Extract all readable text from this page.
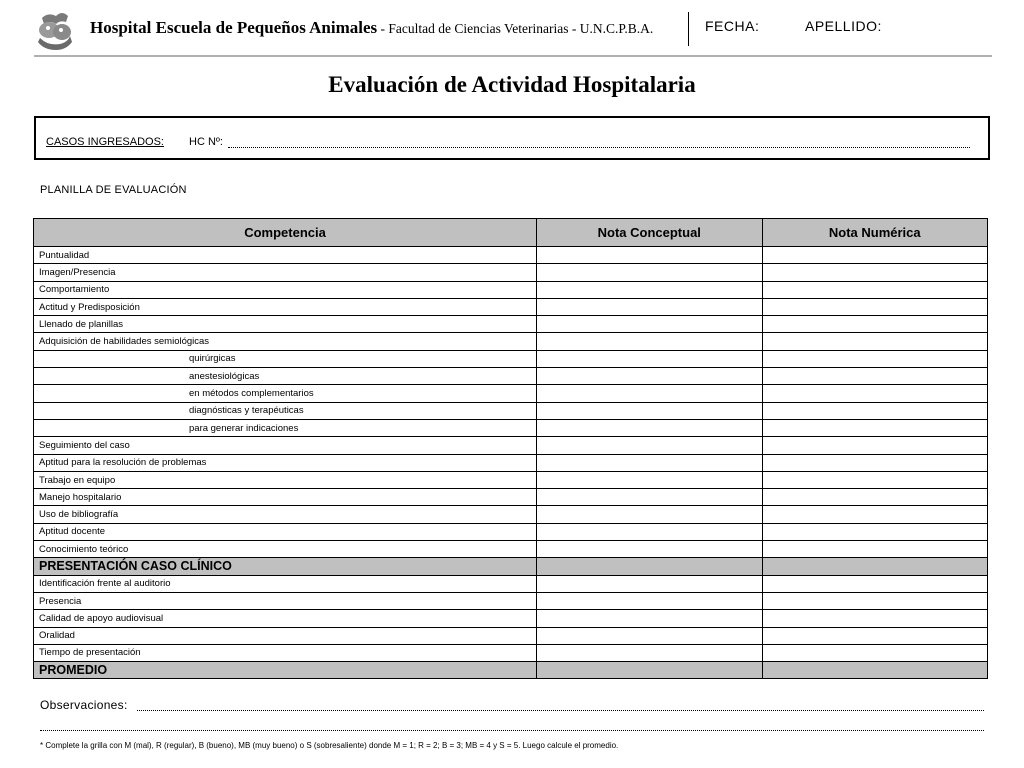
Hospital Escuela de Pequeños Animales - Facultad de Ciencias Veterinarias - U.N.C.P.B.A.	FECHA:	APELLIDO:
Evaluación de Actividad Hospitalaria
CASOS INGRESADOS: HC Nº:
PLANILLA DE EVALUACIÓN
Competencia	Nota Conceptual	Nota Numérica
Puntualidad		
Imagen/Presencia		
Comportamiento		
Actitud y Predisposición		
Llenado de planillas		
Adquisición de habilidades semiológicas		
quirúrgicas		
anestesiológicas		
en métodos complementarios		
diagnósticas y terapéuticas		
para generar indicaciones		
Seguimiento del caso		
Aptitud para la resolución de problemas		
Trabajo en equipo		
Manejo hospitalario		
Uso de bibliografía		
Aptitud docente		
Conocimiento teórico		
PRESENTACIÓN CASO CLÍNICO		
Identificación frente al auditorio		
Presencia		
Calidad de apoyo audiovisual		
Oralidad		
Tiempo de presentación		
PROMEDIO		
Observaciones:
* Complete la grilla con M (mal), R (regular), B (bueno), MB (muy bueno) o S (sobresaliente) donde M = 1; R = 2; B = 3; MB = 4 y S = 5. Luego calcule el promedio.
